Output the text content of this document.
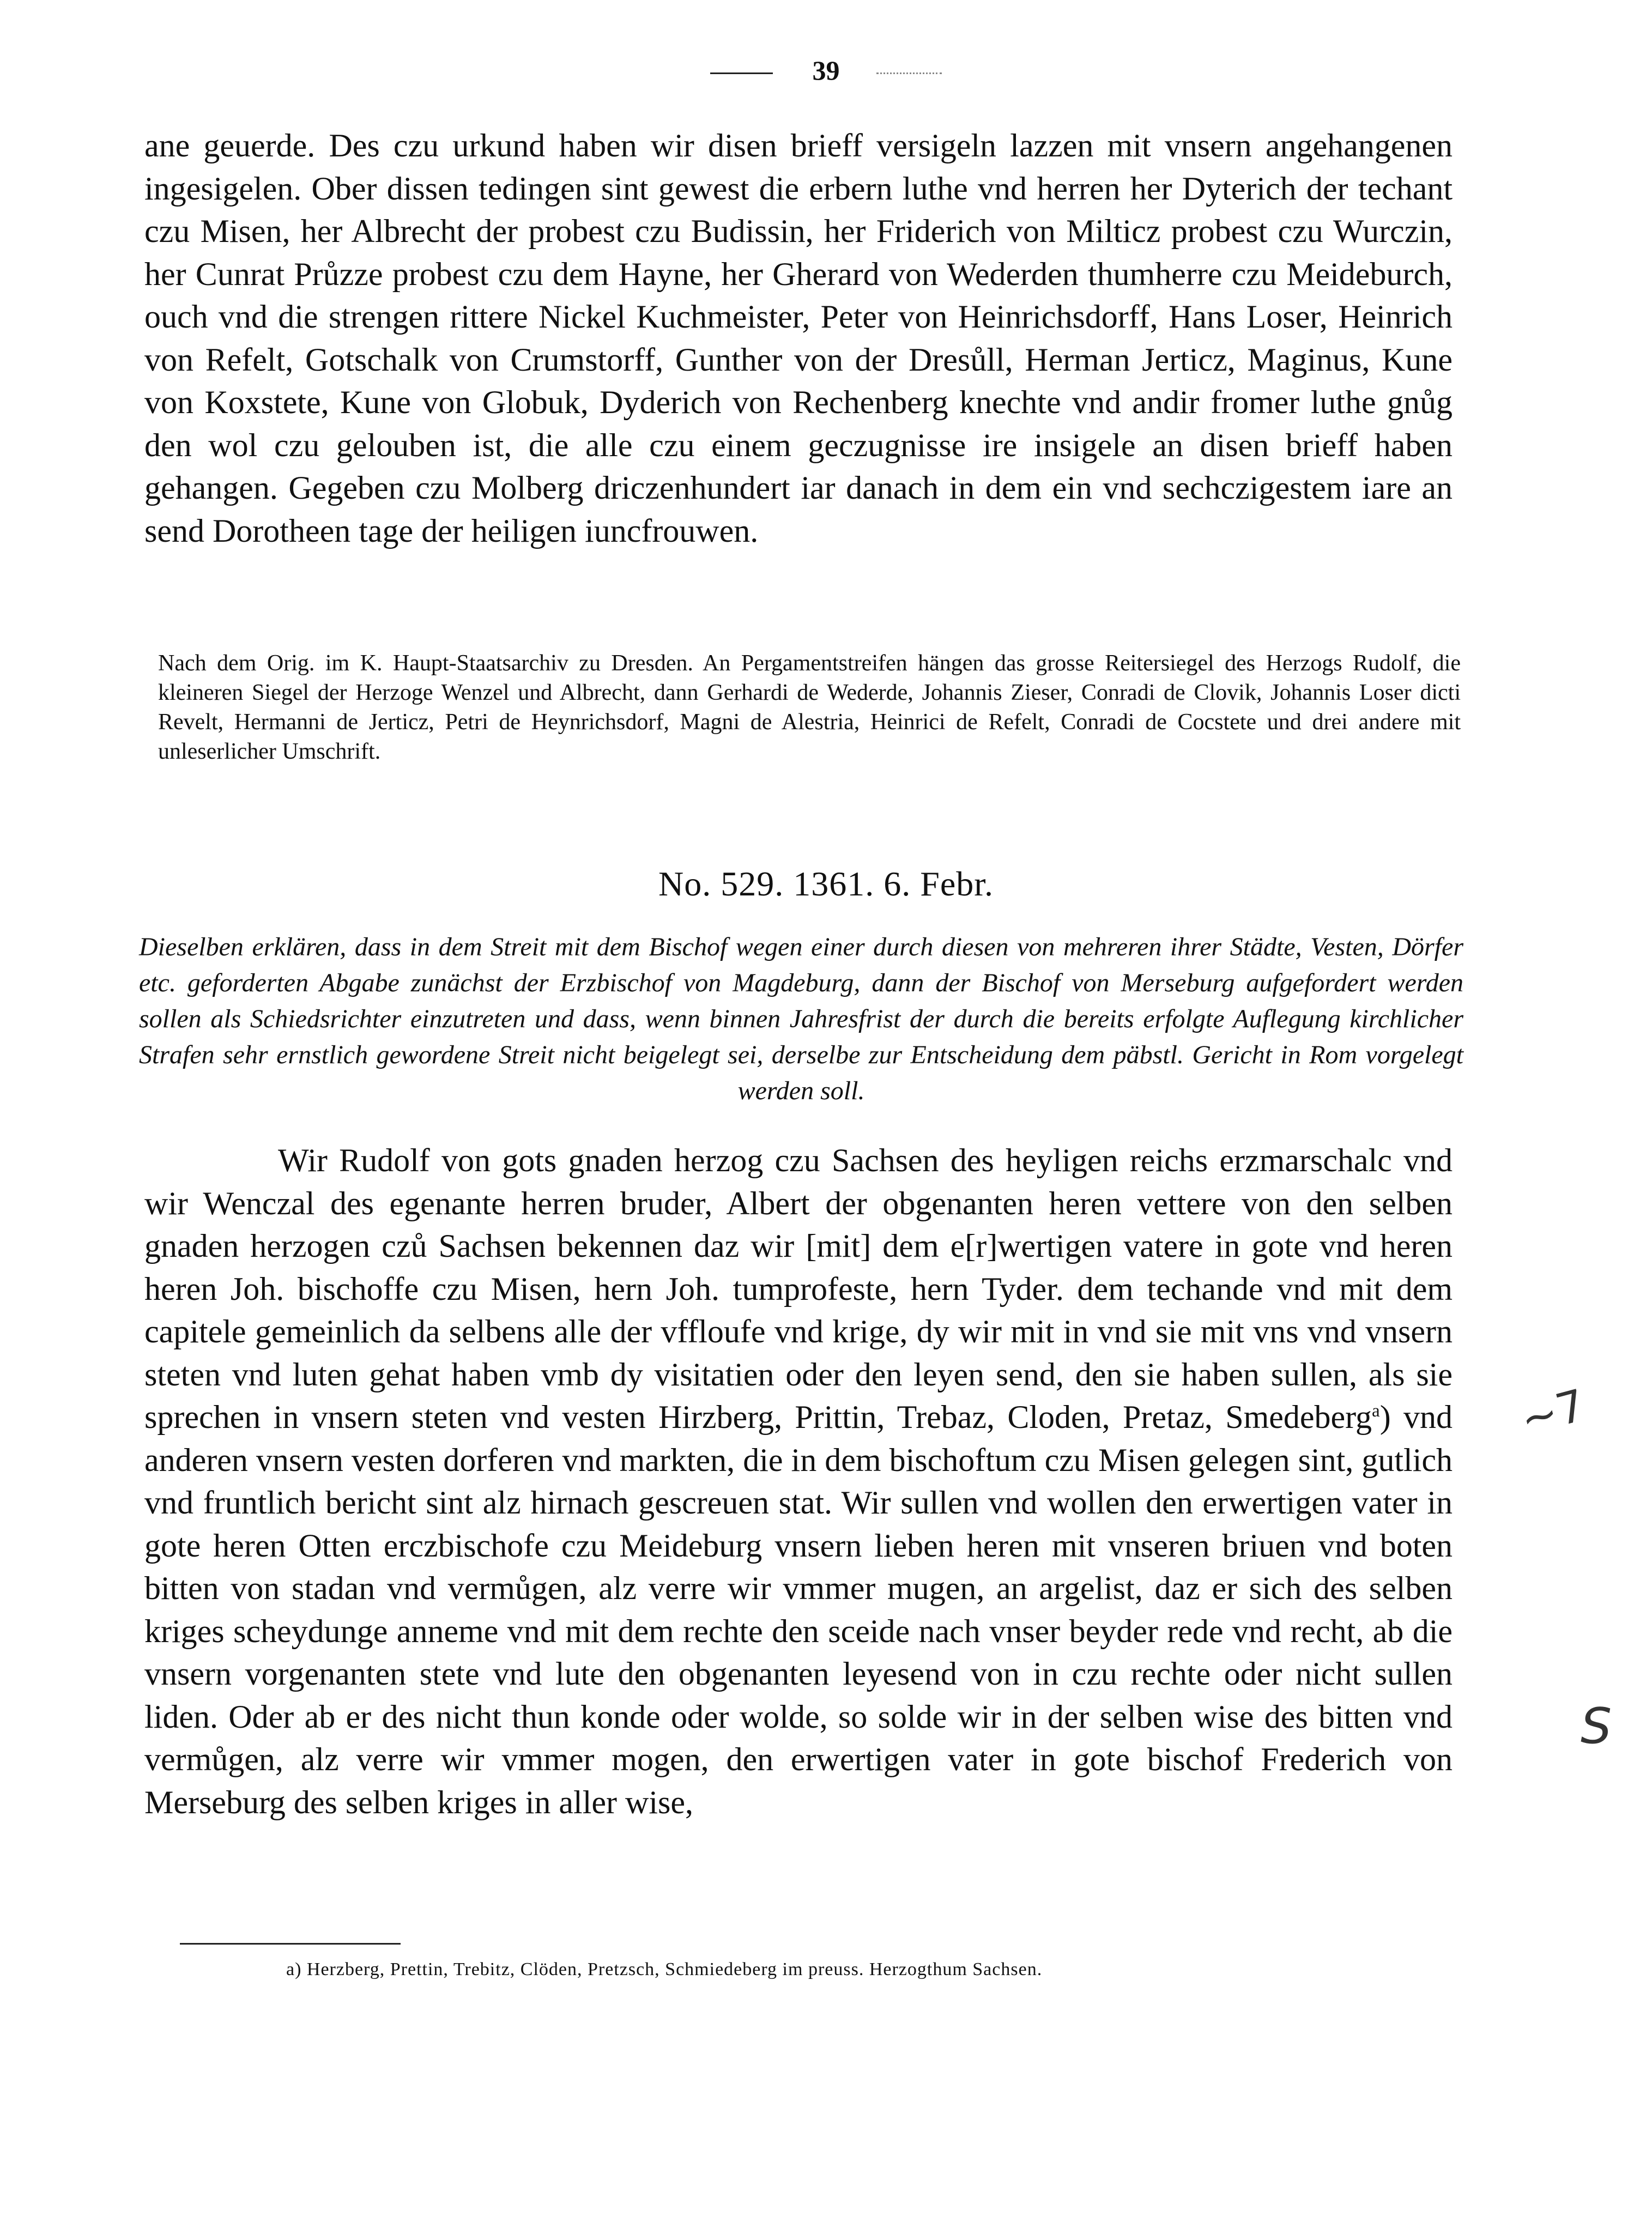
39

ane geuerde. Des czu urkund haben wir disen brieff versigeln lazzen mit vnsern angehangenen ingesigelen. Ober dissen tedingen sint gewest die erbern luthe vnd herren her Dyterich der techant czu Misen, her Albrecht der probest czu Budissin, her Friderich von Milticz probest czu Wurczin, her Cunrat Průzze probest czu dem Hayne, her Gherard von Wederden thumherre czu Meideburch, ouch vnd die strengen rittere Nickel Kuchmeister, Peter von Heinrichsdorff, Hans Loser, Heinrich von Refelt, Gotschalk von Crumstorff, Gunther von der Dresůll, Herman Jerticz, Maginus, Kune von Koxstete, Kune von Globuk, Dyderich von Rechenberg knechte vnd andir fromer luthe gnůg den wol czu gelouben ist, die alle czu einem geczugnisse ire insigele an disen brieff haben gehangen. Gegeben czu Molberg driczenhundert iar danach in dem ein vnd sechczigestem iare an send Dorotheen tage der heiligen iuncfrouwen.

Nach dem Orig. im K. Haupt-Staatsarchiv zu Dresden. An Pergamentstreifen hängen das grosse Reitersiegel des Herzogs Rudolf, die kleineren Siegel der Herzoge Wenzel und Albrecht, dann Gerhardi de Wederde, Johannis Zieser, Conradi de Clovik, Johannis Loser dicti Revelt, Hermanni de Jerticz, Petri de Heynrichsdorf, Magni de Alestria, Heinrici de Refelt, Conradi de Cocstete und drei andere mit unleserlicher Umschrift.

No. 529. 1361. 6. Febr.

Dieselben erklären, dass in dem Streit mit dem Bischof wegen einer durch diesen von mehreren ihrer Städte, Vesten, Dörfer etc. geforderten Abgabe zunächst der Erzbischof von Magdeburg, dann der Bischof von Merseburg aufgefordert werden sollen als Schiedsrichter einzutreten und dass, wenn binnen Jahresfrist der durch die bereits erfolgte Auflegung kirchlicher Strafen sehr ernstlich gewordene Streit nicht beigelegt sei, derselbe zur Entscheidung dem päbstl. Gericht in Rom vorgelegt werden soll.

Wir Rudolf von gots gnaden herzog czu Sachsen des heyligen reichs erzmarschalc vnd wir Wenczal des egenante herren bruder, Albert der obgenanten heren vettere von den selben gnaden herzogen czů Sachsen bekennen daz wir [mit] dem e[r]wertigen vatere in gote vnd heren heren Joh. bischoffe czu Misen, hern Joh. tumprofeste, hern Tyder. dem techande vnd mit dem capitele gemeinlich da selbens alle der vffloufe vnd krige, dy wir mit in vnd sie mit vns vnd vnsern steten vnd luten gehat haben vmb dy visitatien oder den leyen send, den sie haben sullen, als sie sprechen in vnsern steten vnd vesten Hirzberg, Prittin, Trebaz, Cloden, Pretaz, Smedeberg$^a$) vnd anderen vnsern vesten dorferen vnd markten, die in dem bischoftum czu Misen gelegen sint, gutlich vnd fruntlich bericht sint alz hirnach gescreuen stat. Wir sullen vnd wollen den erwertigen vater in gote heren Otten erczbischofe czu Meideburg vnsern lieben heren mit vnseren briuen vnd boten bitten von stadan vnd vermůgen, alz verre wir vmmer mugen, an argelist, daz er sich des selben kriges scheydunge anneme vnd mit dem rechte den sceide nach vnser beyder rede vnd recht, ab die vnsern vorgenanten stete vnd lute den obgenanten leyesend von in czu rechte oder nicht sullen liden. Oder ab er des nicht thun konde oder wolde, so solde wir in der selben wise des bitten vnd vermůgen, alz verre wir vmmer mogen, den erwertigen vater in gote bischof Frederich von Merseburg des selben kriges in aller wise,

a) Herzberg, Prettin, Trebitz, Clöden, Pretzsch, Schmiedeberg im preuss. Herzogthum Sachsen.
~7
S
